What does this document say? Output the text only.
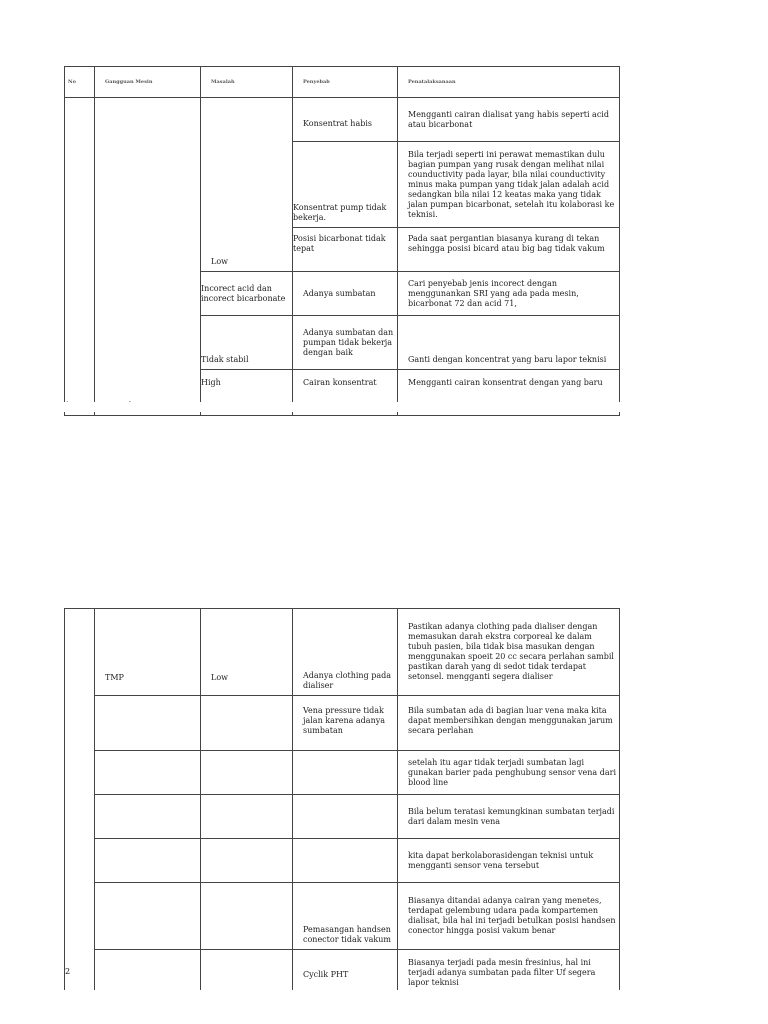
No	Gangguan Mesin	Masalah	Penyebab	Penatalaksanaan
		Low	Konsentrat habis	Mengganti cairan dialisat yang habis seperti acid atau bicarbonat
			Konsentrat pump tidak bekerja.	Bila terjadi seperti ini perawat memastikan dulu bagian pumpan yang rusak dengan melihat nilai counductivity pada layar, bila nilai counductivity minus maka pumpan yang tidak jalan adalah acid sedangkan bila nilai 12 keatas maka yang tidak jalan pumpan bicarbonat, setelah itu kolaborasi ke teknisi.
			Posisi bicarbonat tidak tepat	Pada saat pergantian biasanya kurang di tekan sehingga posisi bicard atau big bag tidak vakum
		Incorect acid dan incorect bicarbonate	Adanya sumbatan	Cari penyebab jenis incorect dengan menggunankan SRI yang ada pada mesin, bicarbonat 72 dan acid 71,
		Tidak stabil	Adanya sumbatan dan pumpan tidak bekerja dengan baik	Ganti dengan koncentrat yang baru lapor teknisi
		High	Cairan konsentrat	Mengganti cairan konsentrat dengan yang baru
2	TMP	Low	Adanya clothing pada dialiser	Pastikan adanya clothing pada dialiser dengan memasukan darah ekstra corporeal ke dalam tubuh pasien, bila tidak bisa masukan dengan menggunakan spoeit 20 cc secara perlahan sambil pastikan darah yang di sedot tidak terdapat setonsel. mengganti segera dialiser
			Vena pressure tidak jalan karena adanya sumbatan	Bila sumbatan ada di bagian luar vena maka kita dapat membersihkan dengan menggunakan jarum secara perlahan
				setelah itu agar tidak terjadi sumbatan lagi gunakan barier pada penghubung sensor vena dari blood line
				Bila belum teratasi kemungkinan sumbatan terjadi dari dalam mesin vena
				kita dapat berkolaborasidengan teknisi untuk mengganti sensor vena tersebut
			Pemasangan handsen conector tidak vakum	Biasanya ditandai adanya cairan yang menetes, terdapat gelembung udara pada kompartemen dialisat, bila hal ini terjadi betulkan posisi handsen conector hingga posisi vakum benar
			Cyclik PHT	Biasanya terjadi pada mesin fresinius, hal ini terjadi adanya sumbatan pada filter Uf segera lapor teknisi
